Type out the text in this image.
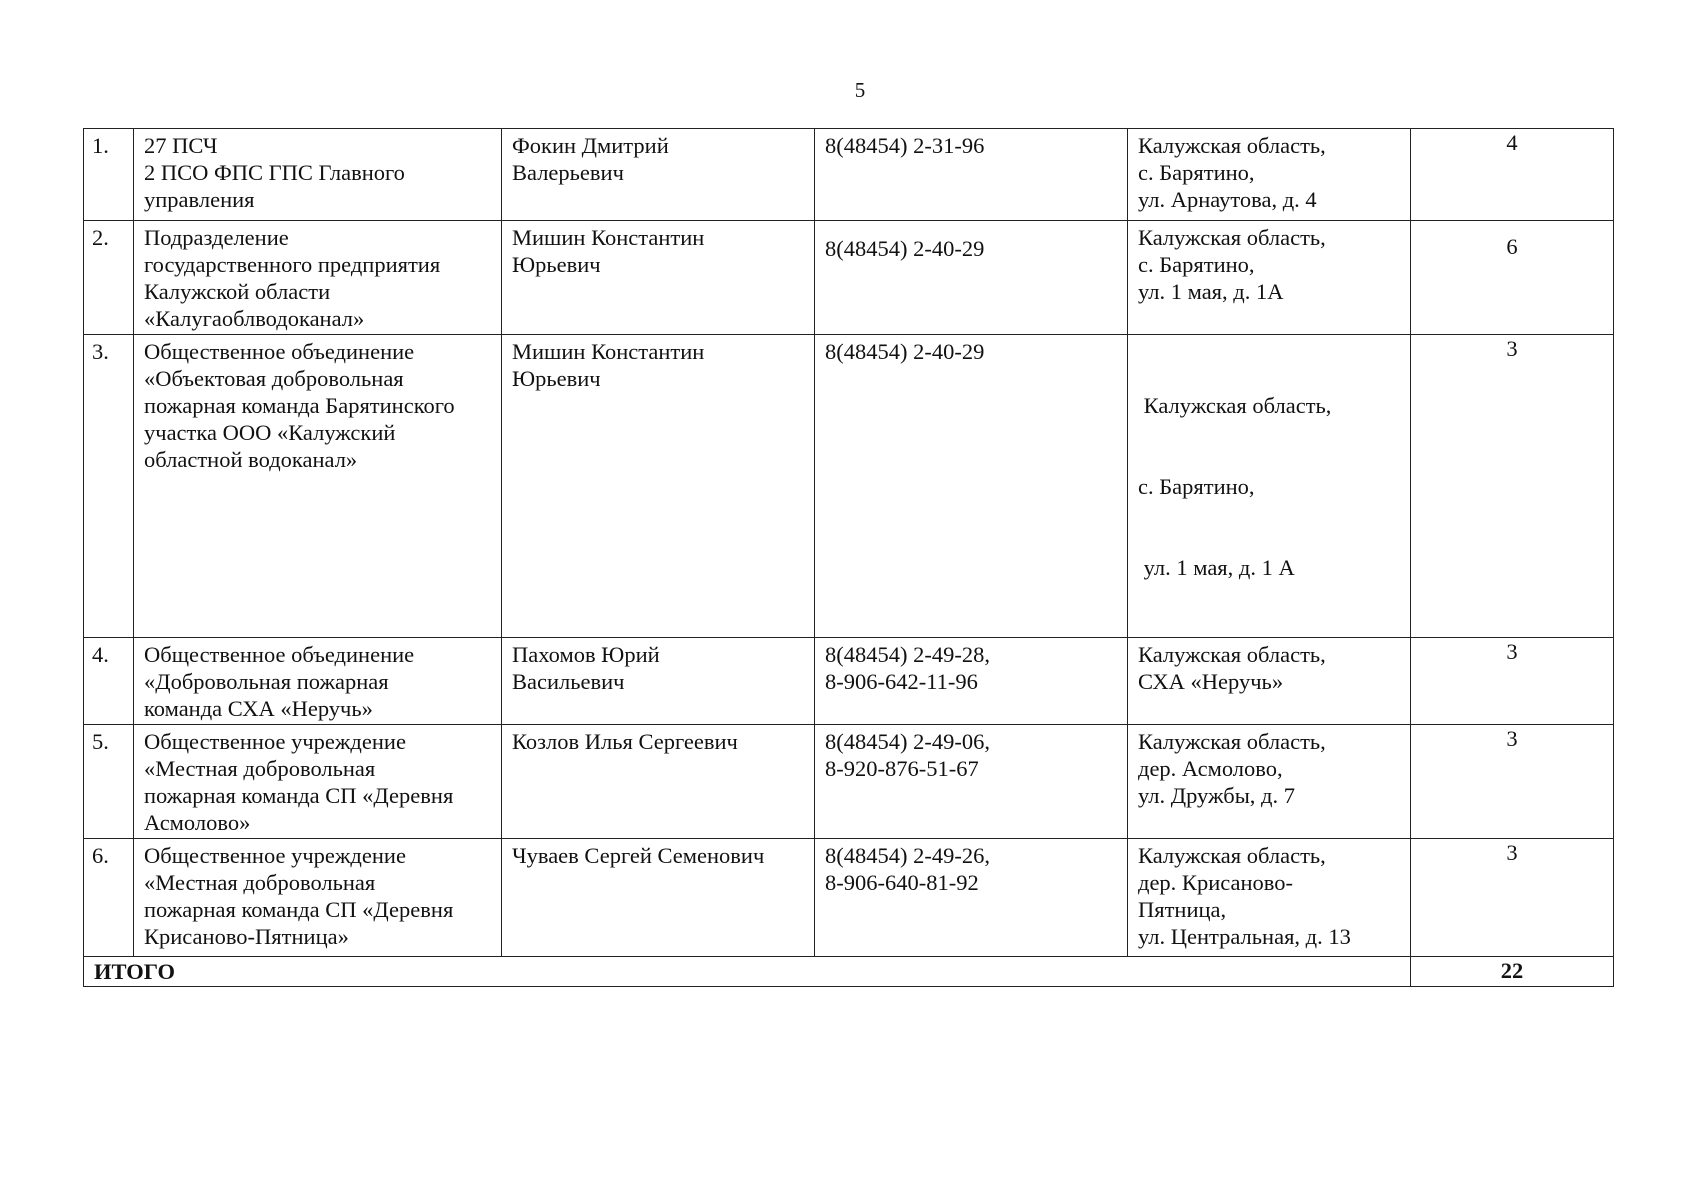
5
1.	27 ПСЧ
2 ПСО ФПС ГПС Главного
управления	Фокин Дмитрий
Валерьевич	8(48454) 2-31-96	Калужская область,
с. Барятино,
ул. Арнаутова, д. 4	4
2.	Подразделение
государственного предприятия
Калужской области
«Калугаоблводоканал»	Мишин Константин
Юрьевич	8(48454) 2-40-29	Калужская область,
с. Барятино,
ул. 1 мая, д. 1А	6
3.	Общественное объединение
«Объектовая добровольная
пожарная команда Барятинского
участка ООО «Калужский
областной водоканал»	Мишин Константин
Юрьевич	8(48454) 2-40-29	Калужская область,

с. Барятино,

ул. 1 мая, д. 1 А	3
4.	Общественное объединение
«Добровольная пожарная
команда СХА «Неручь»	Пахомов Юрий
Васильевич	8(48454) 2-49-28,
8-906-642-11-96	Калужская область,
СХА «Неручь»	3
5.	Общественное учреждение
«Местная добровольная
пожарная команда СП «Деревня
Асмолово»	Козлов Илья Сергеевич	8(48454) 2-49-06,
8-920-876-51-67	Калужская область,
дер. Асмолово,
ул. Дружбы, д. 7	3
6.	Общественное учреждение
«Местная добровольная
пожарная команда СП «Деревня
Крисаново-Пятница»	Чуваев Сергей Семенович	8(48454) 2-49-26,
8-906-640-81-92	Калужская область,
дер. Крисаново-
Пятница,
ул. Центральная, д. 13	3
ИТОГО					22
